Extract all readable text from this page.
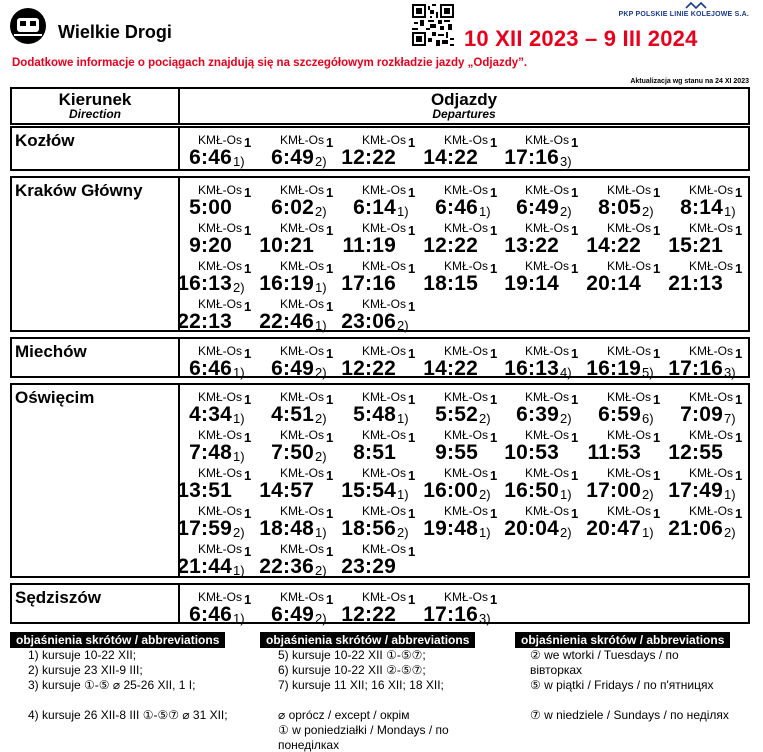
Wielkie Drogi
PKP POLSKIE LINIE KOLEJOWE S.A.
10 XII 2023 – 9 III 2024
Dodatkowe informacje o pociągach znajdują się na szczegółowym rozkładzie jazdy „Odjazdy”.
Aktualizacja wg stanu na 24 XI 2023
Kierunek
Direction
Odjazdy
Departures
Kozłów	KMŁ-Os 1
6:46 1)
KMŁ-Os 1
6:49 2)
KMŁ-Os 1
12:22
KMŁ-Os 1
14:22
KMŁ-Os 1
17:16 3)
Kraków Główny	KMŁ-Os 1
5:00
KMŁ-Os 1
6:02 2)
KMŁ-Os 1
6:14 1)
KMŁ-Os 1
6:46 1)
KMŁ-Os 1
6:49 2)
KMŁ-Os 1
8:05 2)
KMŁ-Os 1
8:14 1)
KMŁ-Os 1
9:20
KMŁ-Os 1
10:21
KMŁ-Os 1
11:19
KMŁ-Os 1
12:22
KMŁ-Os 1
13:22
KMŁ-Os 1
14:22
KMŁ-Os 1
15:21
KMŁ-Os 1
16:13 2)
KMŁ-Os 1
16:19 1)
KMŁ-Os 1
17:16
KMŁ-Os 1
18:15
KMŁ-Os 1
19:14
KMŁ-Os 1
20:14
KMŁ-Os 1
21:13
KMŁ-Os 1
22:13
KMŁ-Os 1
22:46 1)
KMŁ-Os 1
23:06 2)
Miechów	KMŁ-Os 1
6:46 1)
KMŁ-Os 1
6:49 2)
KMŁ-Os 1
12:22
KMŁ-Os 1
14:22
KMŁ-Os 1
16:13 4)
KMŁ-Os 1
16:19 5)
KMŁ-Os 1
17:16 3)
Oświęcim	KMŁ-Os 1
4:34 1)
KMŁ-Os 1
4:51 2)
KMŁ-Os 1
5:48 1)
KMŁ-Os 1
5:52 2)
KMŁ-Os 1
6:39 2)
KMŁ-Os 1
6:59 6)
KMŁ-Os 1
7:09 7)
KMŁ-Os 1
7:48 1)
KMŁ-Os 1
7:50 2)
KMŁ-Os 1
8:51
KMŁ-Os 1
9:55
KMŁ-Os 1
10:53
KMŁ-Os 1
11:53
KMŁ-Os 1
12:55
KMŁ-Os 1
13:51
KMŁ-Os 1
14:57
KMŁ-Os 1
15:54 1)
KMŁ-Os 1
16:00 2)
KMŁ-Os 1
16:50 1)
KMŁ-Os 1
17:00 2)
KMŁ-Os 1
17:49 1)
KMŁ-Os 1
17:59 2)
KMŁ-Os 1
18:48 1)
KMŁ-Os 1
18:56 2)
KMŁ-Os 1
19:48 1)
KMŁ-Os 1
20:04 2)
KMŁ-Os 1
20:47 1)
KMŁ-Os 1
21:06 2)
KMŁ-Os 1
21:44 1)
KMŁ-Os 1
22:36 2)
KMŁ-Os 1
23:29
Sędziszów	KMŁ-Os 1
6:46 1)
KMŁ-Os 1
6:49 2)
KMŁ-Os 1
12:22
KMŁ-Os 1
17:16 3)
objaśnienia skrótów / abbreviations	objaśnienia skrótów / abbreviations	objaśnienia skrótów / abbreviations
1) kursuje 10-22 XII;
2) kursuje 23 XII-9 III;
3) kursuje ①-⑤ ⌀ 25-26 XII, 1 I;
4) kursuje 26 XII-8 III ①-⑤⑦ ⌀ 31 XII;
5) kursuje 10-22 XII ①-⑤⑦;
6) kursuje 10-22 XII ②-⑤⑦;
7) kursuje 11 XII; 16 XII; 18 XII;
⌀ oprócz / except / окрім
① w poniedziałki / Mondays / по понеділках
② we wtorki / Tuesdays / по вівторках
⑤ w piątki / Fridays / по п'ятницях
⑦ w niedziele / Sundays / по неділях
